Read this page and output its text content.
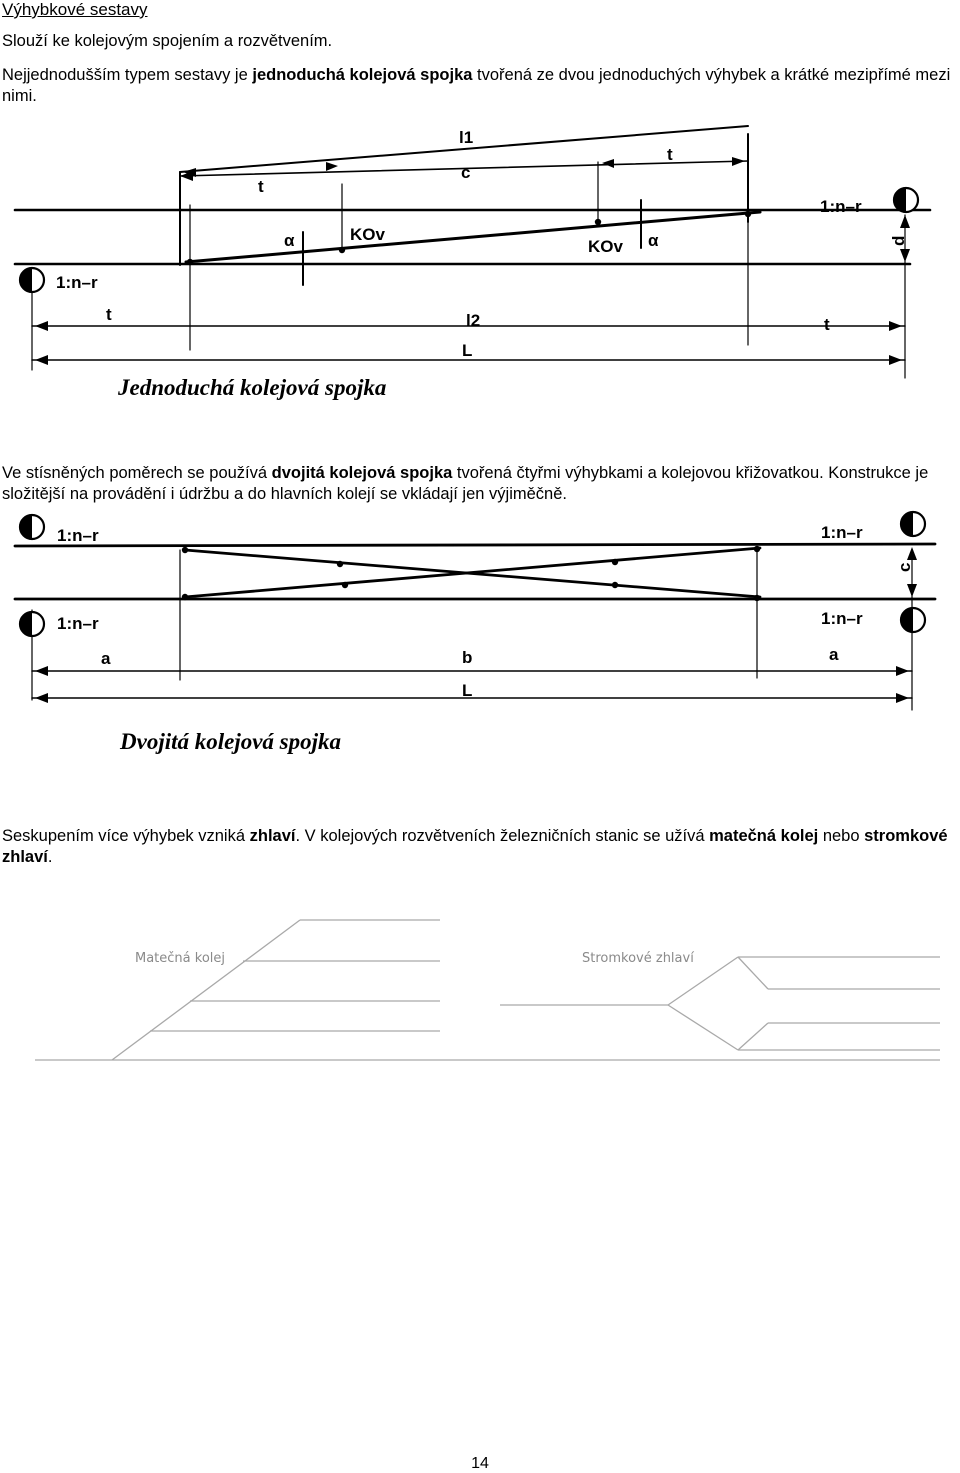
Výhybkové sestavy

Slouží ke kolejovým spojením a rozvětvením.

Nejjednodušším typem sestavy je jednoduchá kolejová spojka tvořená ze dvou jednoduchých výhybek a krátké mezipřímé mezi nimi.

l1
c
t
t
α	α
KOv
KOv
1:n–r
1:n–r
d
t	l2	t
L
Jednoduchá kolejová spojka

Ve stísněných poměrech se používá dvojitá kolejová spojka tvořená čtyřmi výhybkami a kolejovou křižovatkou. Konstrukce je složitější na provádění i údržbu a do hlavních kolejí se vkládají jen výjiměčně.

1:n–r	1:n–r
1:n–r	1:n–r
c
a	b	a
L
Dvojitá kolejová spojka

Seskupením více výhybek vzniká zhlaví. V kolejových rozvětveních železničních stanic se užívá matečná kolej nebo stromkové zhlaví.

Matečná kolej	Stromkové zhlaví
14
